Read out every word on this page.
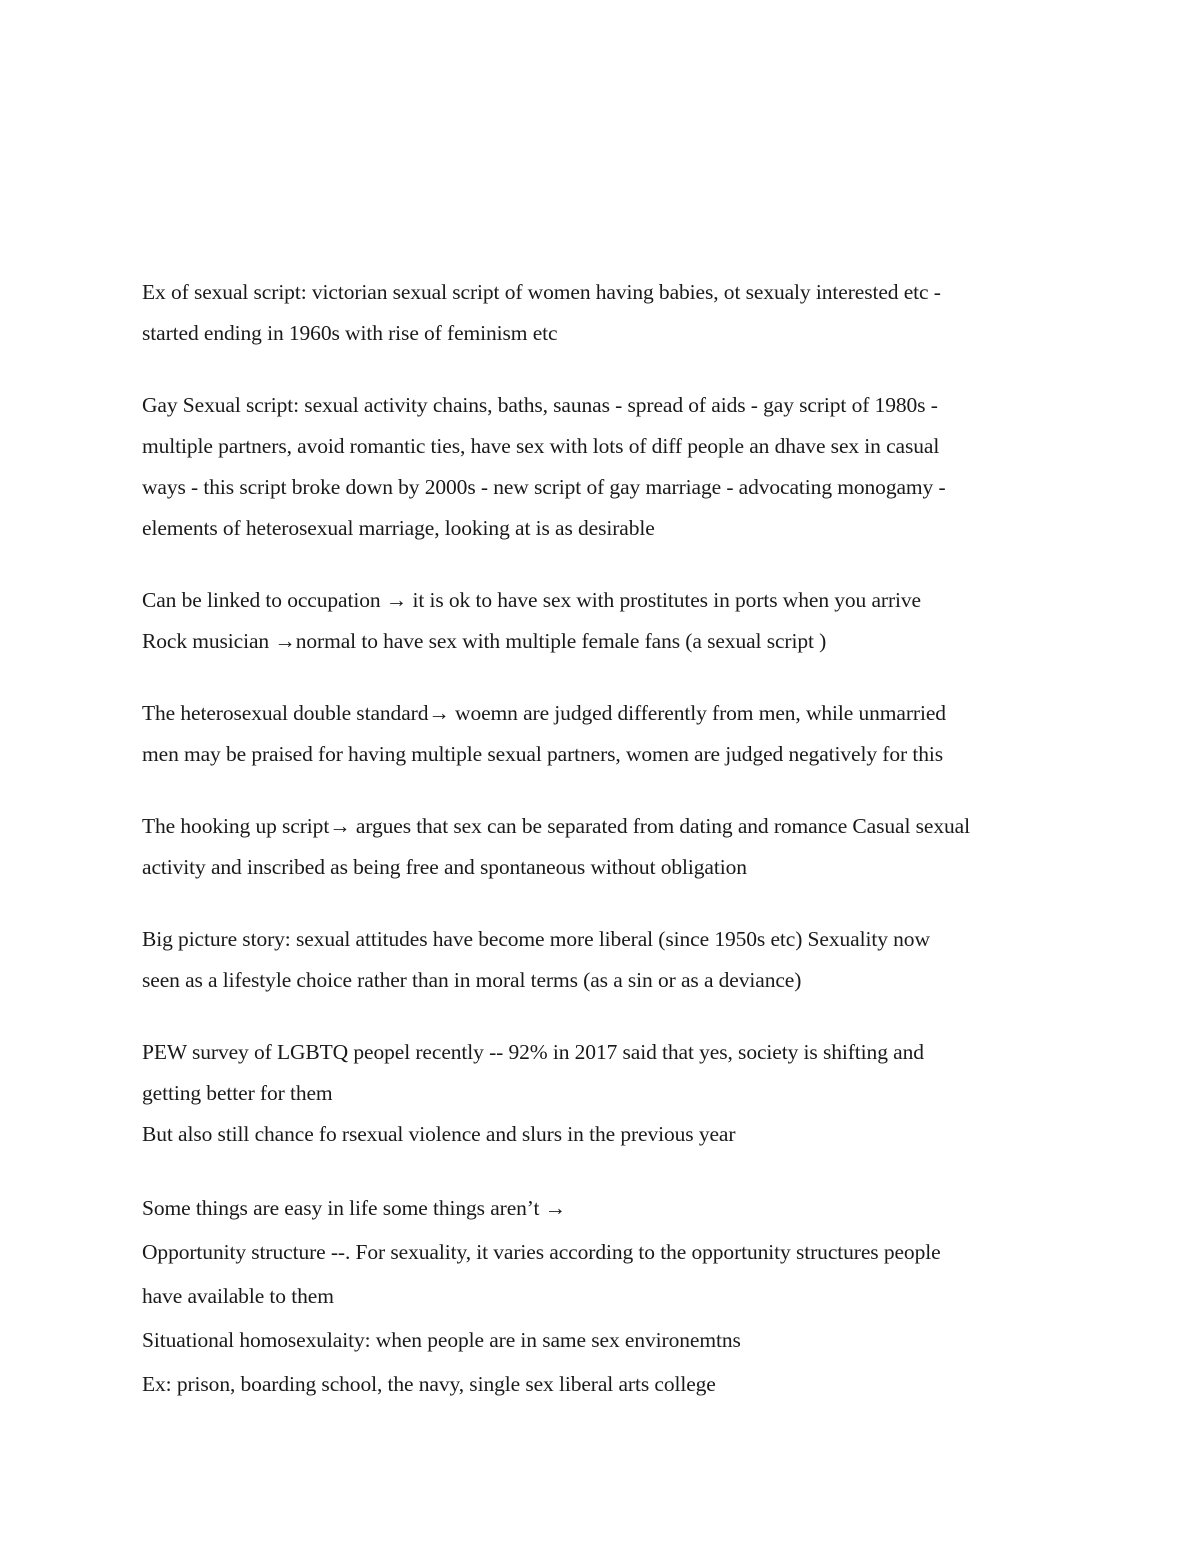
Ex of sexual script: victorian sexual script of women having babies, ot sexualy interested etc -
started ending in 1960s with rise of feminism etc
Gay Sexual script: sexual activity chains, baths, saunas - spread of aids - gay script of 1980s -
multiple partners, avoid romantic ties, have sex with lots of diff people an dhave sex in casual
ways - this script broke down by 2000s - new script of gay marriage - advocating monogamy -
elements of heterosexual marriage, looking at is as desirable
Can be linked to occupation → it is ok to have sex with prostitutes in ports when you arrive
Rock musician →normal to have sex with multiple female fans (a sexual script )
The heterosexual double standard→ woemn are judged differently from men, while unmarried
men may be praised for having multiple sexual partners, women are judged negatively for this
The hooking up script→ argues that sex can be separated from dating and romance Casual sexual
activity and inscribed as being free and spontaneous without obligation
Big picture story: sexual attitudes have become more liberal (since 1950s etc) Sexuality now
seen as a lifestyle choice rather than in moral terms (as a sin or as a deviance)
PEW survey of LGBTQ peopel recently -- 92% in 2017 said that yes, society is shifting and
getting better for them
But also still chance fo rsexual violence and slurs in the previous year
Some things are easy in life some things aren’t →
Opportunity structure --. For sexuality, it varies according to the opportunity structures people
have available to them
Situational homosexulaity: when people are in same sex environemtns
Ex: prison, boarding school, the navy, single sex liberal arts college
